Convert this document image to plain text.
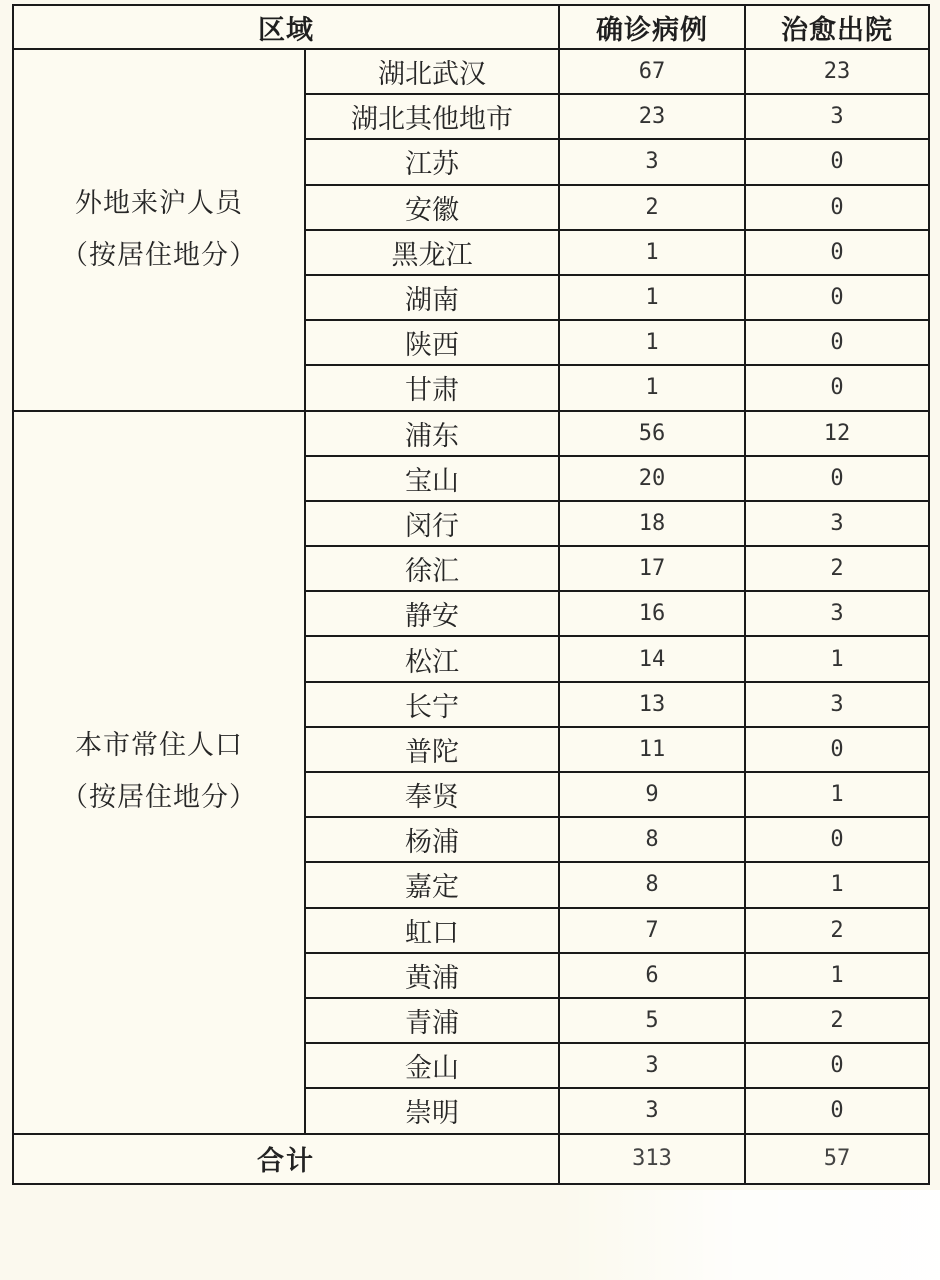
区域		确诊病例	治愈出院

外地来沪人员
（按居住地分）	湖北武汉	67	23
	湖北其他地市	23	3
	江苏	3	0
	安徽	2	0
	黑龙江	1	0
	湖南	1	0
	陕西	1	0
	甘肃	1	0

本市常住人口
（按居住地分）	浦东	56	12
	宝山	20	0
	闵行	18	3
	徐汇	17	2
	静安	16	3
	松江	14	1
	长宁	13	3
	普陀	11	0
	奉贤	9	1
	杨浦	8	0
	嘉定	8	1
	虹口	7	2
	黄浦	6	1
	青浦	5	2
	金山	3	0
	崇明	3	0
合计		313	57
